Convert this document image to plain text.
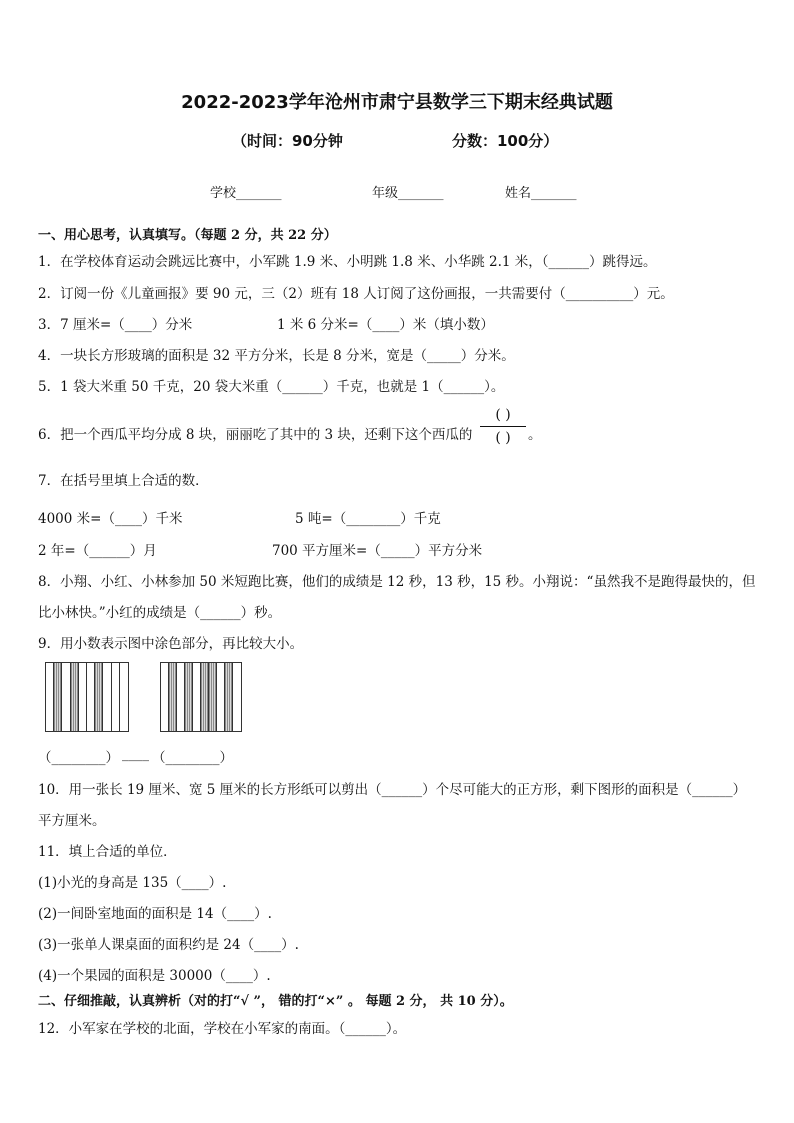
2022-2023学年沧州市肃宁县数学三下期末经典试题
（时间：90分钟	分数：100分）
学校_______	年级_______	姓名_______
一、用心思考，认真填写。（每题 2 分，共 22 分）
1．在学校体育运动会跳远比赛中，小军跳 1.9 米、小明跳 1.8 米、小华跳 2.1 米，（______）跳得远。
2．订阅一份《儿童画报》要 90 元，三（2）班有 18 人订阅了这份画报，一共需要付（__________）元。
3．7 厘米=（____）分米	1 米 6 分米=（____）米（填小数）
4．一块长方形玻璃的面积是 32 平方分米，长是 8 分米，宽是（_____）分米。
5．1 袋大米重 50 千克，20 袋大米重（______）千克，也就是 1（______）。
6．把一个西瓜平均分成 8 块，丽丽吃了其中的 3 块，还剩下这个西瓜的
( )
( )	。
7．在括号里填上合适的数．
4000 米=（____）千米	5 吨=（________）千克
2 年=（______）月	700 平方厘米=（_____）平方分米
8．小翔、小红、小林参加 50 米短跑比赛，他们的成绩是 12 秒，13 秒，15 秒。小翔说：“虽然我不是跑得最快的，但
比小林快。”小红的成绩是（______）秒。
9．用小数表示图中涂色部分，再比较大小。
（________） ____ （________）
10．用一张长 19 厘米、宽 5 厘米的长方形纸可以剪出（______）个尽可能大的正方形，剩下图形的面积是（______）
平方厘米。
11．填上合适的单位．
(1)小光的身高是 135（____）.
(2)一间卧室地面的面积是 14（____）.
(3)一张单人课桌面的面积约是 24（____）.
(4)一个果园的面积是 30000（____）.
二、仔细推敲，认真辨析（对的打“√ ”， 错的打“×” 。 每题 2 分， 共 10 分）。
12．小军家在学校的北面，学校在小军家的南面。（______）。
